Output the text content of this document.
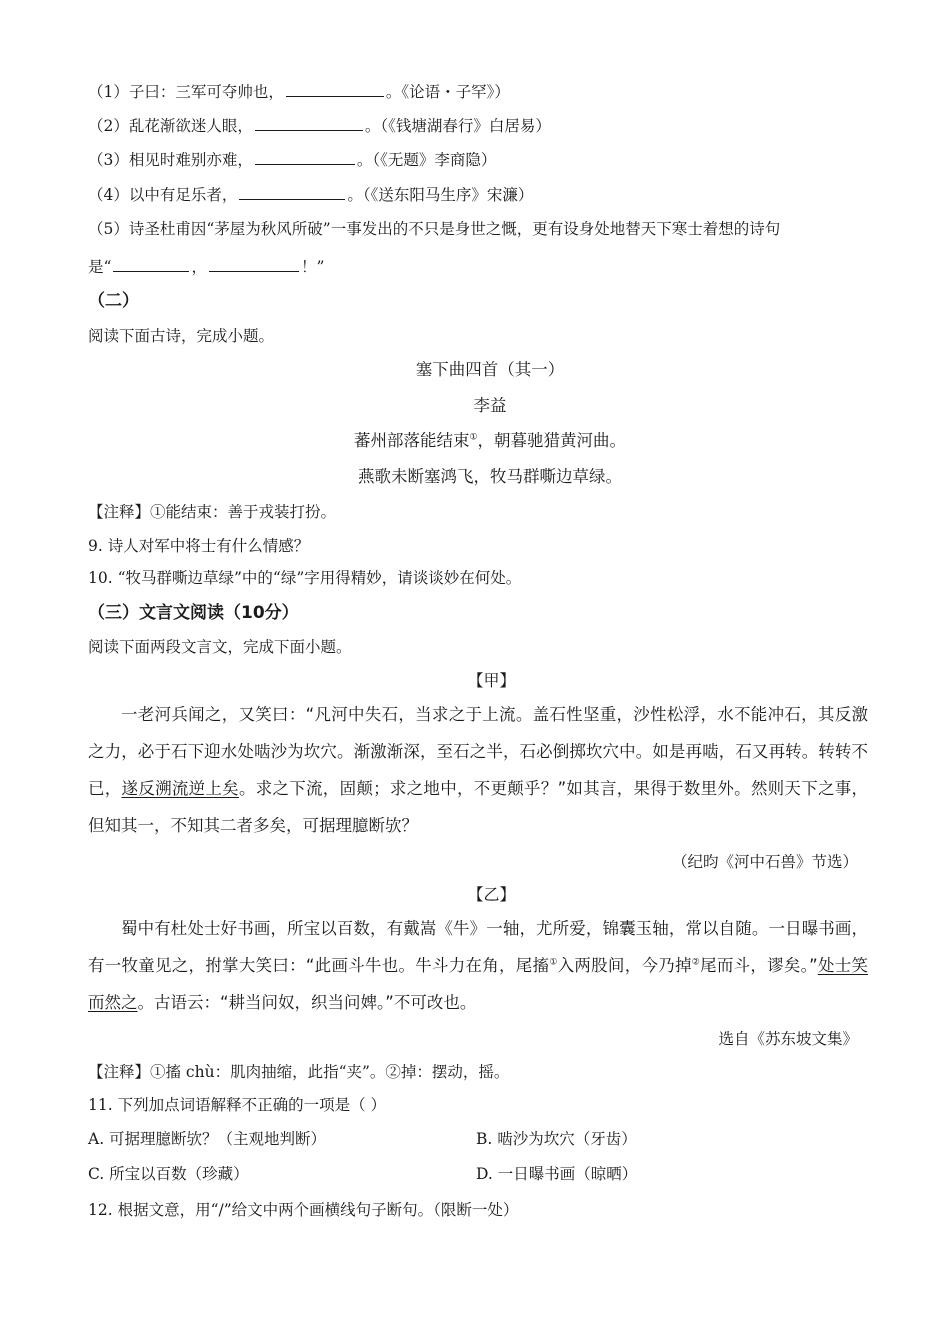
（1）子曰：三军可夺帅也，	。《论语・子罕》）
（2）乱花渐欲迷人眼，	。（《钱塘湖春行》白居易）
（3）相见时难别亦难，	。（《无题》李商隐）
（4）以中有足乐者，	。（《送东阳马生序》宋濂）
（5）诗圣杜甫因“茅屋为秋风所破”一事发出的不只是身世之慨，更有设身处地替天下寒士着想的诗句
是“	，	！”
（二）
阅读下面古诗，完成小题。
塞下曲四首（其一）
李益
蕃州部落能结束①，朝暮驰猎黄河曲。
燕歌未断塞鸿飞，牧马群嘶边草绿。
【注释】①能结束：善于戎装打扮。
9. 诗人对军中将士有什么情感？
10. “牧马群嘶边草绿”中的“绿”字用得精妙，请谈谈妙在何处。
（三）文言文阅读（10分）
阅读下面两段文言文，完成下面小题。
【甲】
一老河兵闻之，又笑曰：“凡河中失石，当求之于上流。盖石性坚重，沙性松浮，水不能冲石，其反激之力，必于石下迎水处啮沙为坎穴。渐激渐深，至石之半，石必倒掷坎穴中。如是再啮，石又再转。转转不已，遂反溯流逆上矣。求之下流，固颠；求之地中，不更颠乎？”如其言，果得于数里外。然则天下之事，但知其一，不知其二者多矣，可据理臆断欤？
（纪昀《河中石兽》节选）
【乙】
蜀中有杜处士好书画，所宝以百数，有戴嵩《牛》一轴，尤所爱，锦囊玉轴，常以自随。一日曝书画，有一牧童见之，拊掌大笑曰：“此画斗牛也。牛斗力在角，尾搐①入两股间，今乃掉②尾而斗，谬矣。”处士笑而然之。古语云：“耕当问奴，织当问婢。”不可改也。
选自《苏东坡文集》
【注释】①搐 chù：肌肉抽缩，此指“夹”。②掉：摆动，摇。
11. 下列加点词语解释不正确的一项是（ ）
A. 可据理臆断欤？（主观地判断）	B. 啮沙为坎穴（牙齿）
C. 所宝以百数（珍藏）	D. 一日曝书画（晾晒）
12. 根据文意，用“/”给文中两个画横线句子断句。（限断一处）
